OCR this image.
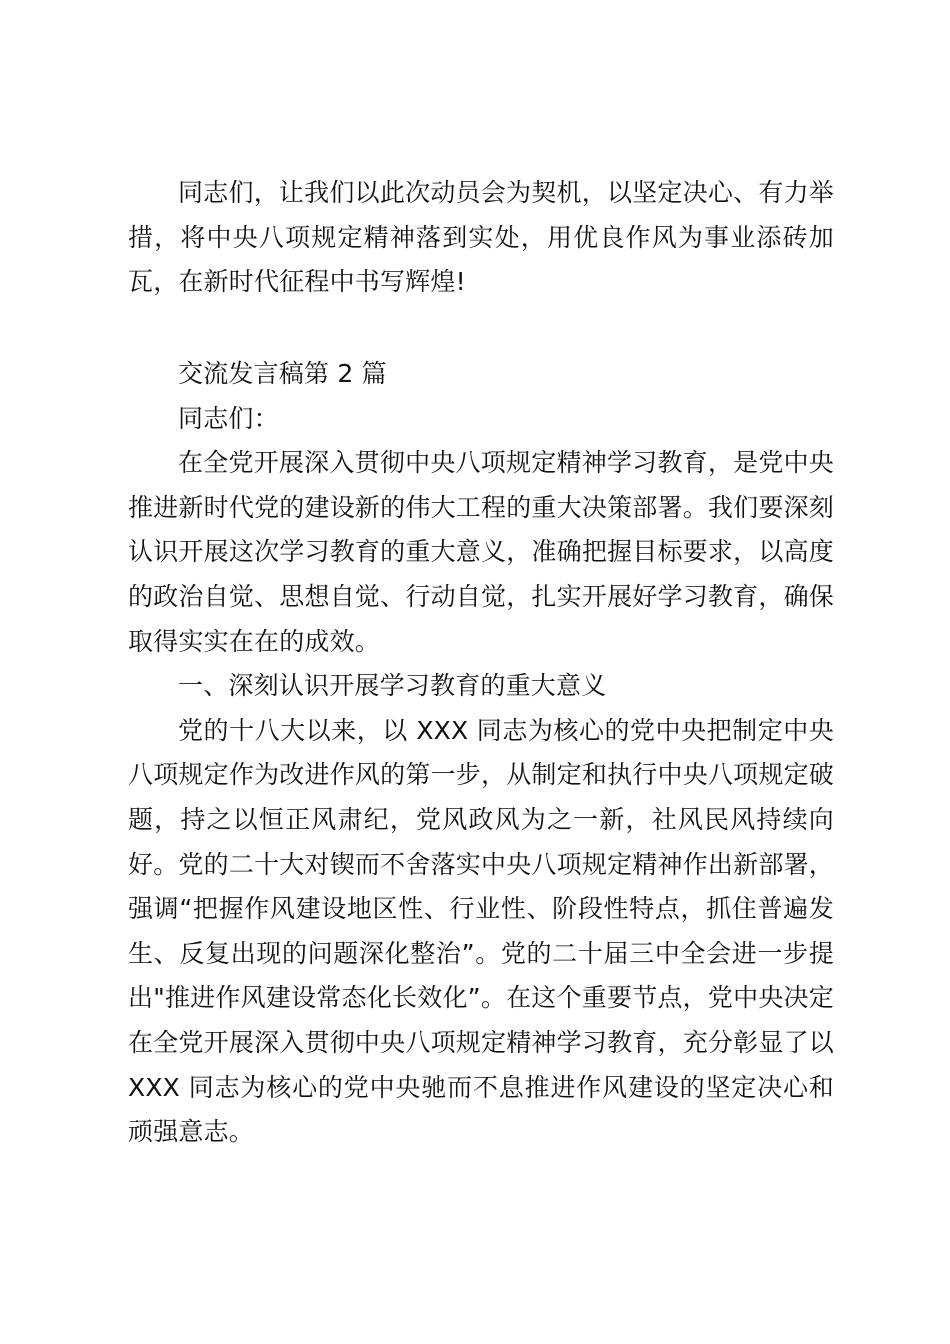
同志们，让我们以此次动员会为契机，以坚定决心、有力举措，将中央八项规定精神落到实处，用优良作风为事业添砖加瓦，在新时代征程中书写辉煌!

交流发言稿第 2 篇

同志们：

在全党开展深入贯彻中央八项规定精神学习教育，是党中央推进新时代党的建设新的伟大工程的重大决策部署。我们要深刻认识开展这次学习教育的重大意义，准确把握目标要求，以高度的政治自觉、思想自觉、行动自觉，扎实开展好学习教育，确保取得实实在在的成效。

一、深刻认识开展学习教育的重大意义

党的十八大以来，以 XXX 同志为核心的党中央把制定中央八项规定作为改进作风的第一步，从制定和执行中央八项规定破题，持之以恒正风肃纪，党风政风为之一新，社风民风持续向好。党的二十大对锲而不舍落实中央八项规定精神作出新部署，强调“把握作风建设地区性、行业性、阶段性特点，抓住普遍发生、反复出现的问题深化整治”。党的二十届三中全会进一步提出"推进作风建设常态化长效化”。在这个重要节点，党中央决定在全党开展深入贯彻中央八项规定精神学习教育，充分彰显了以XXX 同志为核心的党中央驰而不息推进作风建设的坚定决心和顽强意志。
